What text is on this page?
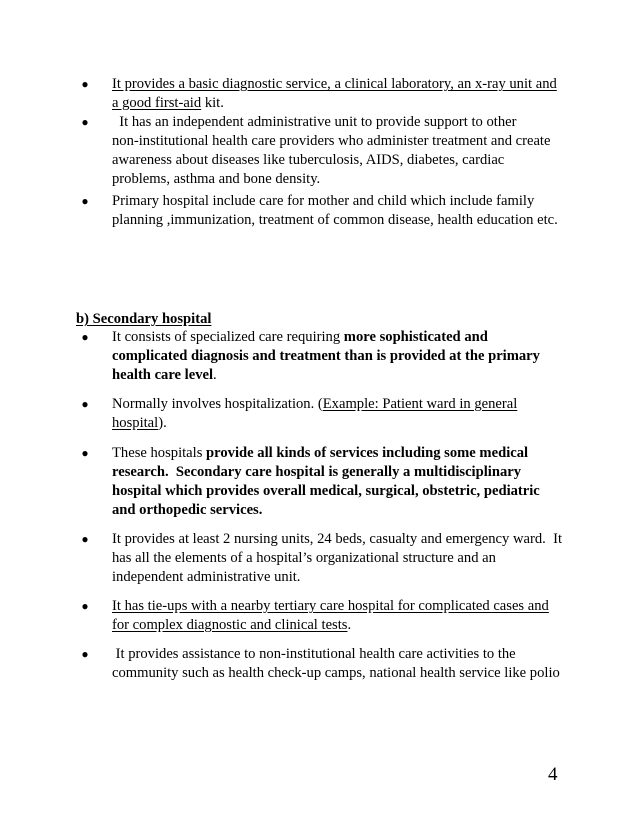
● It provides a basic diagnostic service, a clinical laboratory, an x-ray unit and
a good first-aid kit.
● It has an independent administrative unit to provide support to other
non-institutional health care providers who administer treatment and create
awareness about diseases like tuberculosis, AIDS, diabetes, cardiac
problems, asthma and bone density.
● Primary hospital include care for mother and child which include family
planning ,immunization, treatment of common disease, health education etc.
b) Secondary hospital
● It consists of specialized care requiring more sophisticated and
complicated diagnosis and treatment than is provided at the primary
health care level.
● Normally involves hospitalization. (Example: Patient ward in general
hospital).
● These hospitals provide all kinds of services including some medical
research.  Secondary care hospital is generally a multidisciplinary
hospital which provides overall medical, surgical, obstetric, pediatric
and orthopedic services.
● It provides at least 2 nursing units, 24 beds, casualty and emergency ward.  It
has all the elements of a hospital’s organizational structure and an
independent administrative unit.
● It has tie-ups with a nearby tertiary care hospital for complicated cases and
for complex diagnostic and clinical tests.
● It provides assistance to non-institutional health care activities to the
community such as health check-up camps, national health service like polio
4
